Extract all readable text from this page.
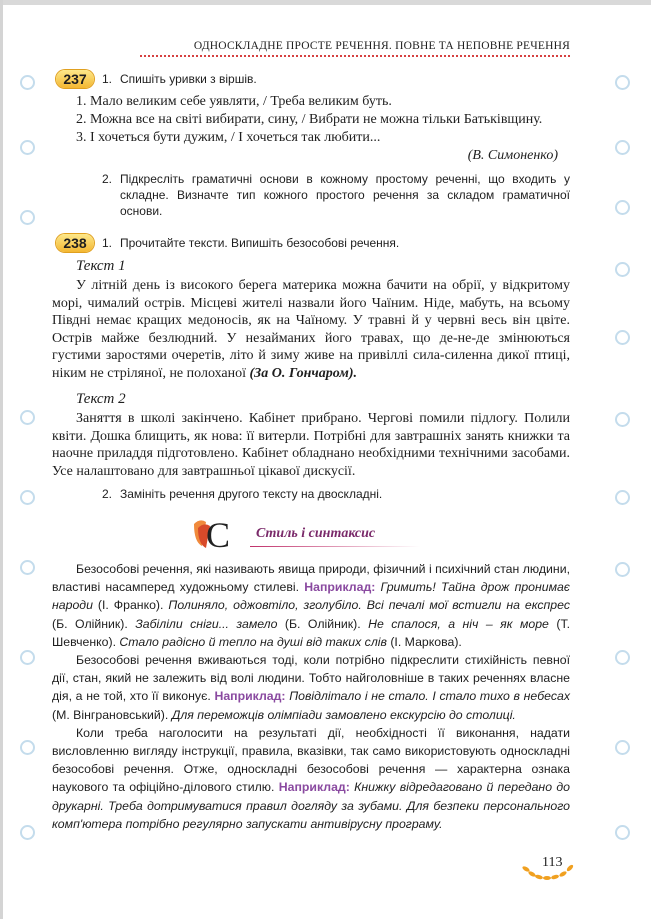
ОДНОСКЛАДНЕ ПРОСТЕ РЕЧЕННЯ. ПОВНЕ ТА НЕПОВНЕ РЕЧЕННЯ
237	1. Спишіть уривки з віршів.

1. Мало великим себе уявляти, / Треба великим буть.

2. Можна все на світі вибирати, сину, / Вибрати не можна тільки Батьківщину.

3. І хочеться бути дужим, / І хочеться так любити...

(В. Симоненко)
2. Підкресліть граматичні основи в кожному простому реченні, що входить у складне. Визначте тип кожного простого речення за складом граматичної основи.
238	1. Прочитайте тексти. Випишіть безособові речення.
Текст 1

У літній день із високого берега материка можна бачити на обрії, у відкритому морі, чималий острів. Місцеві жителі назвали його Чаїним. Ніде, мабуть, на всьому Півдні немає кращих медоносів, як на Чаїному. У травні й у червні весь він цвіте. Острів майже безлюдний. У незайманих його травах, що де-не-де змінюються густими заростями очеретів, літо й зиму живе на привіллі сила-силенна дикої птиці, ніким не стріляної, не полоханої (За О. Гончаром).

Текст 2

Заняття в школі закінчено. Кабінет прибрано. Чергові помили підлогу. Полили квіти. Дошка блищить, як нова: її витерли. Потрібні для завтрашніх занять книжки та наочне приладдя підготовлено. Кабінет обладнано необхідними технічними засобами. Усе налаштовано для завтрашньої цікавої дискусії.

2. Замініть речення другого тексту на двоскладні.
С Стиль і синтаксис

Безособові речення, які називають явища природи, фізичний і психічний стан людини, властиві насамперед художньому стилеві. Наприклад: Гримить! Тайна дрож пронимає народи (І. Франко). Полиняло, оджовтіло, зголубіло. Всі печалі мої встигли на експрес (Б. Олійник). Забіліли сніги... замело (Б. Олійник). Не спалося, а ніч – як море (Т. Шевченко). Стало радісно й тепло на душі від таких слів (І. Маркова).

Безособові речення вживаються тоді, коли потрібно підкреслити стихійність певної дії, стан, який не залежить від волі людини. Тобто найголовніше в таких реченнях власне дія, а не той, хто її виконує. Наприклад: Повідлітало і не стало. І стало тихо в небесах (М. Вінграновський). Для переможців олімпіади замовлено екскурсію до столиці.

Коли треба наголосити на результаті дії, необхідності її виконання, надати висловленню вигляду інструкції, правила, вказівки, так само використовують односкладні безособові речення. Отже, односкладні безособові речення — характерна ознака наукового та офіційно-ділового стилю. Наприклад: Книжку відредаговано й передано до друкарні. Треба дотримуватися правил догляду за зубами. Для безпеки персонального комп'ютера потрібно регулярно запускати антивірусну програму.

113
